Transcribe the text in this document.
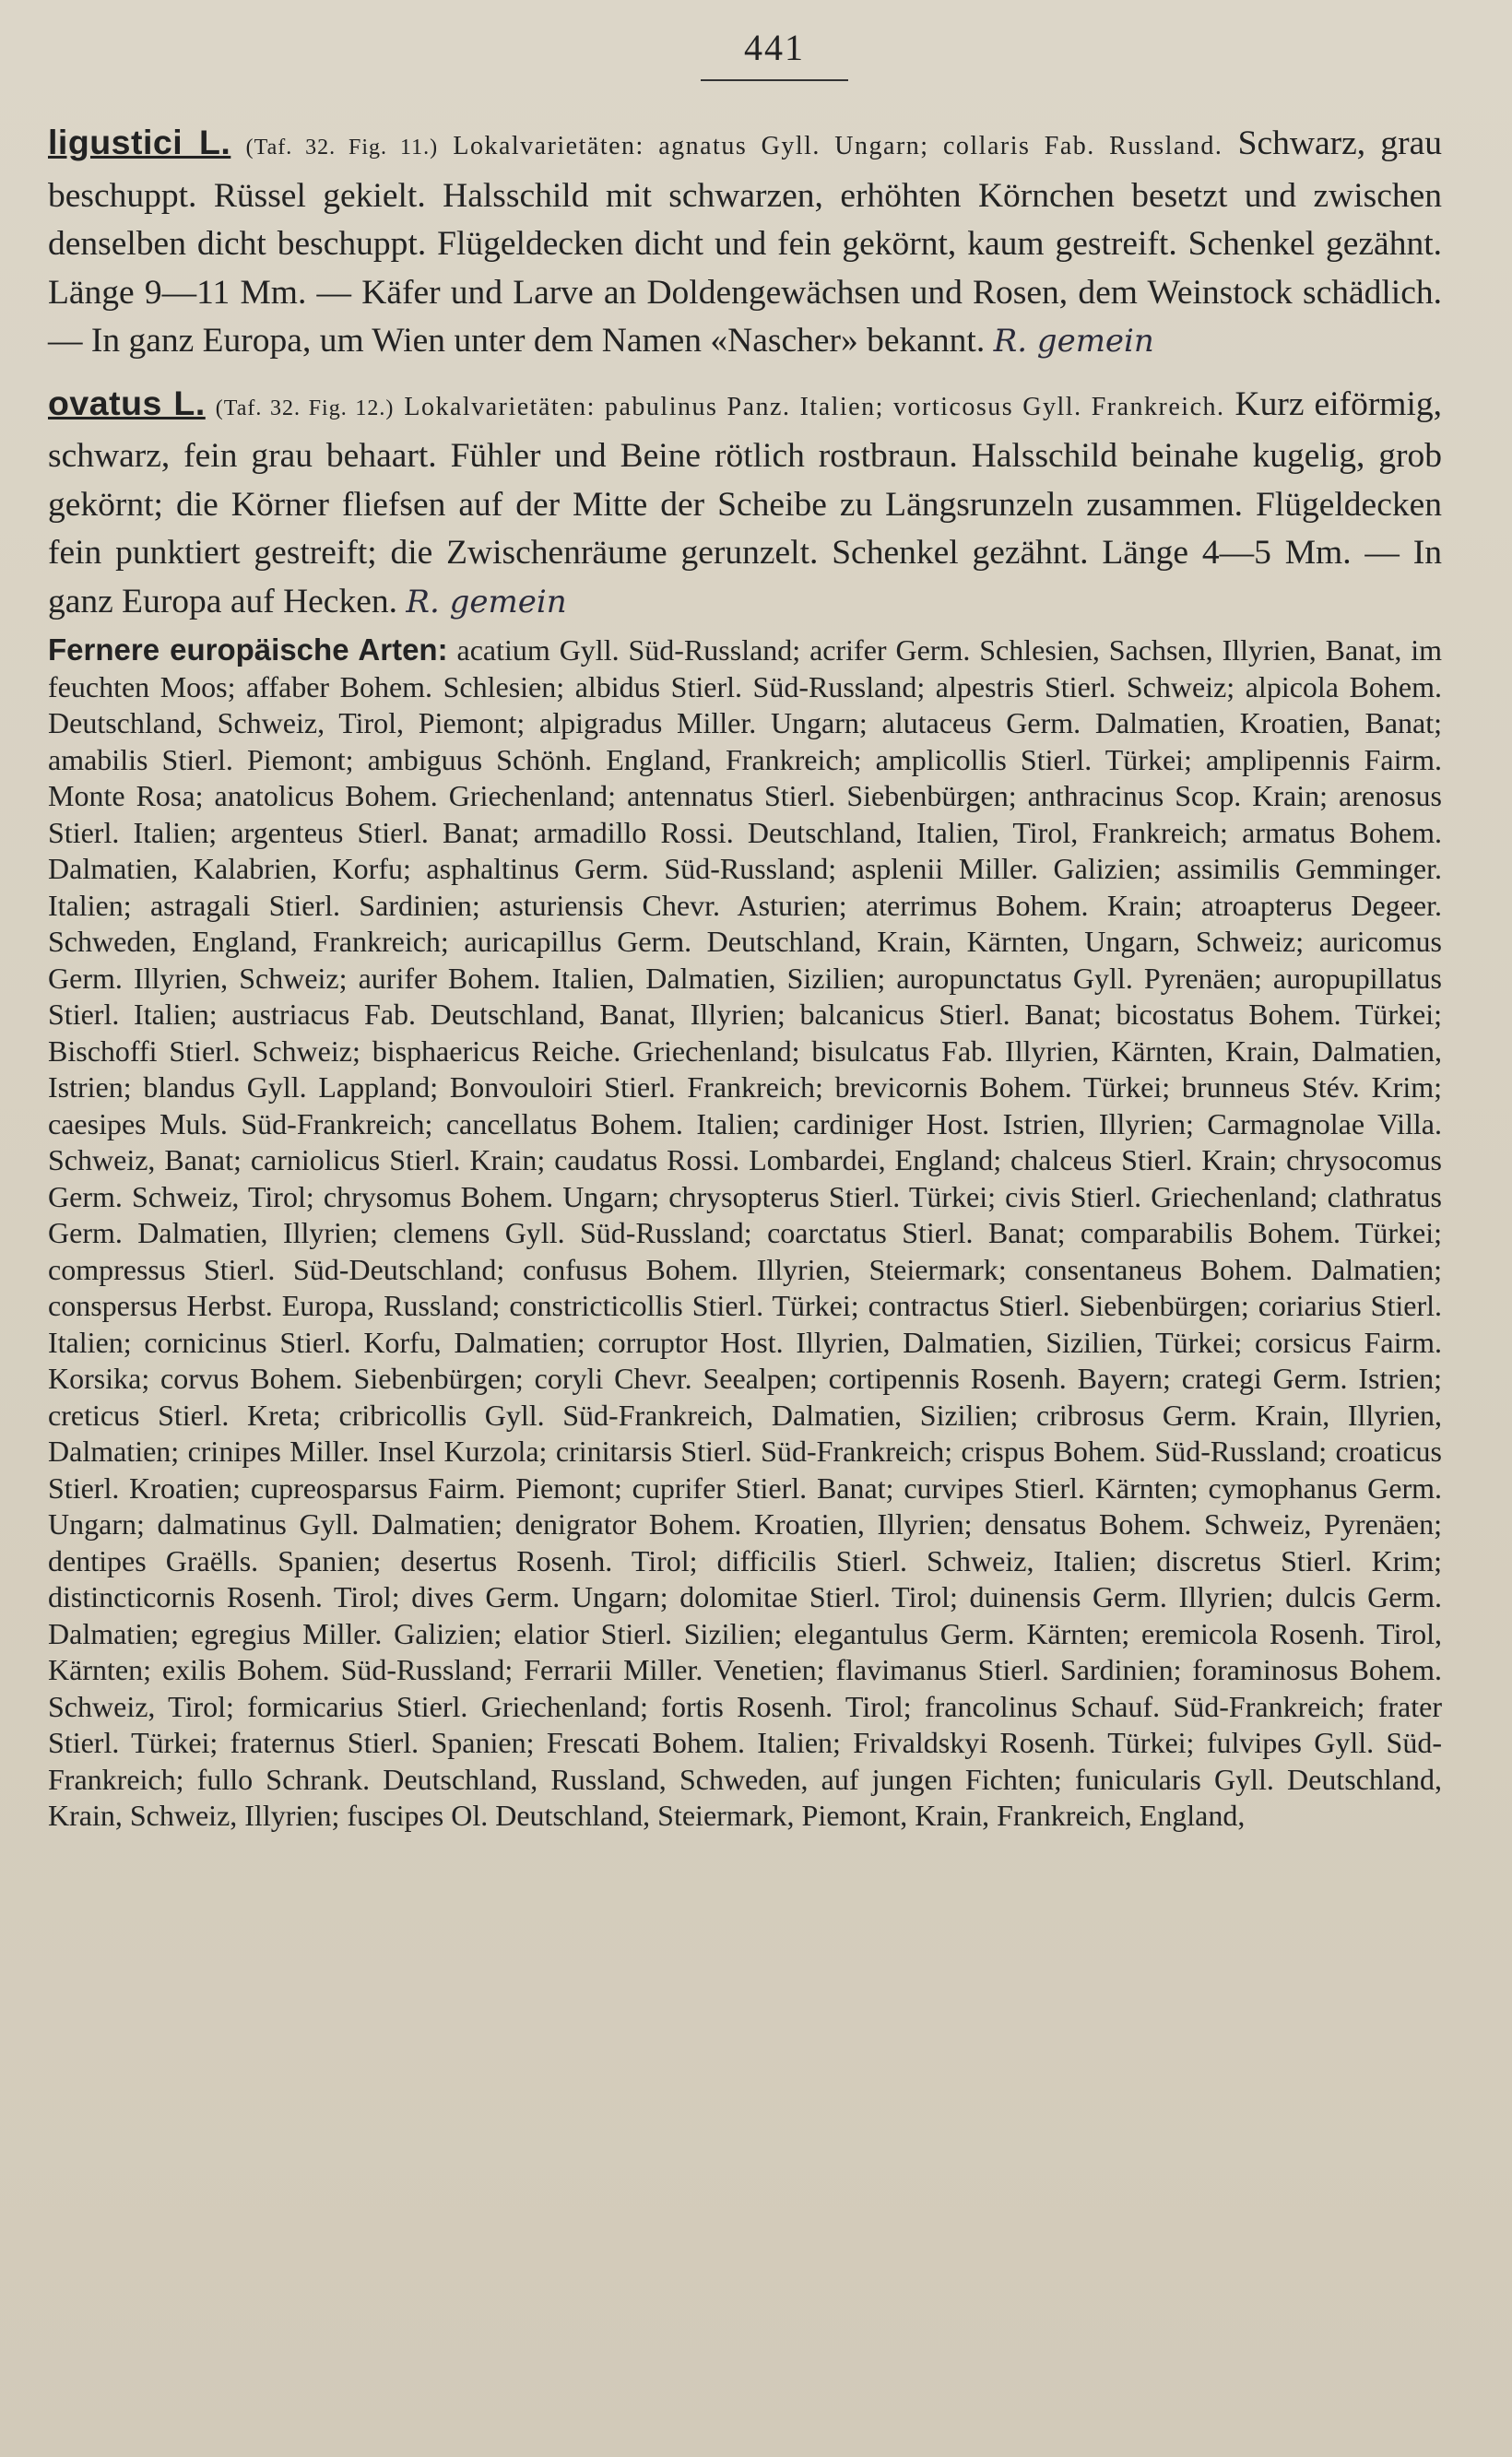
441

ligustici L. (Taf. 32. Fig. 11.) Lokalvarietäten: agnatus Gyll. Ungarn; collaris Fab. Russland. Schwarz, grau beschuppt. Rüssel gekielt. Halsschild mit schwarzen, erhöhten Körnchen besetzt und zwischen denselben dicht beschuppt. Flügeldecken dicht und fein gekörnt, kaum gestreift. Schenkel gezähnt. Länge 9—11 Mm. — Käfer und Larve an Doldengewächsen und Rosen, dem Weinstock schädlich. — In ganz Europa, um Wien unter dem Namen «Nascher» bekannt. R. gemein

ovatus L. (Taf. 32. Fig. 12.) Lokalvarietäten: pabulinus Panz. Italien; vorticosus Gyll. Frankreich. Kurz eiförmig, schwarz, fein grau behaart. Fühler und Beine rötlich rostbraun. Halsschild beinahe kugelig, grob gekörnt; die Körner fliefsen auf der Mitte der Scheibe zu Längsrunzeln zusammen. Flügeldecken fein punktiert gestreift; die Zwischenräume gerunzelt. Schenkel gezähnt. Länge 4—5 Mm. — In ganz Europa auf Hecken. R. gemein

Fernere europäische Arten: acatium Gyll. Süd-Russland; acrifer Germ. Schlesien, Sachsen, Illyrien, Banat, im feuchten Moos; affaber Bohem. Schlesien; albidus Stierl. Süd-Russland; alpestris Stierl. Schweiz; alpicola Bohem. Deutschland, Schweiz, Tirol, Piemont; alpigradus Miller. Ungarn; alutaceus Germ. Dalmatien, Kroatien, Banat; amabilis Stierl. Piemont; ambiguus Schönh. England, Frankreich; amplicollis Stierl. Türkei; amplipennis Fairm. Monte Rosa; anatolicus Bohem. Griechenland; antennatus Stierl. Siebenbürgen; anthracinus Scop. Krain; arenosus Stierl. Italien; argenteus Stierl. Banat; armadillo Rossi. Deutschland, Italien, Tirol, Frankreich; armatus Bohem. Dalmatien, Kalabrien, Korfu; asphaltinus Germ. Süd-Russland; asplenii Miller. Galizien; assimilis Gemminger. Italien; astragali Stierl. Sardinien; asturiensis Chevr. Asturien; aterrimus Bohem. Krain; atroapterus Degeer. Schweden, England, Frankreich; auricapillus Germ. Deutschland, Krain, Kärnten, Ungarn, Schweiz; auricomus Germ. Illyrien, Schweiz; aurifer Bohem. Italien, Dalmatien, Sizilien; auropunctatus Gyll. Pyrenäen; auropupillatus Stierl. Italien; austriacus Fab. Deutschland, Banat, Illyrien; balcanicus Stierl. Banat; bicostatus Bohem. Türkei; Bischoffi Stierl. Schweiz; bisphaericus Reiche. Griechenland; bisulcatus Fab. Illyrien, Kärnten, Krain, Dalmatien, Istrien; blandus Gyll. Lappland; Bonvouloiri Stierl. Frankreich; brevicornis Bohem. Türkei; brunneus Stév. Krim; caesipes Muls. Süd-Frankreich; cancellatus Bohem. Italien; cardiniger Host. Istrien, Illyrien; Carmagnolae Villa. Schweiz, Banat; carniolicus Stierl. Krain; caudatus Rossi. Lombardei, England; chalceus Stierl. Krain; chrysocomus Germ. Schweiz, Tirol; chrysomus Bohem. Ungarn; chrysopterus Stierl. Türkei; civis Stierl. Griechenland; clathratus Germ. Dalmatien, Illyrien; clemens Gyll. Süd-Russland; coarctatus Stierl. Banat; comparabilis Bohem. Türkei; compressus Stierl. Süd-Deutschland; confusus Bohem. Illyrien, Steiermark; consentaneus Bohem. Dalmatien; conspersus Herbst. Europa, Russland; constricticollis Stierl. Türkei; contractus Stierl. Siebenbürgen; coriarius Stierl. Italien; cornicinus Stierl. Korfu, Dalmatien; corruptor Host. Illyrien, Dalmatien, Sizilien, Türkei; corsicus Fairm. Korsika; corvus Bohem. Siebenbürgen; coryli Chevr. Seealpen; cortipennis Rosenh. Bayern; crategi Germ. Istrien; creticus Stierl. Kreta; cribricollis Gyll. Süd-Frankreich, Dalmatien, Sizilien; cribrosus Germ. Krain, Illyrien, Dalmatien; crinipes Miller. Insel Kurzola; crinitarsis Stierl. Süd-Frankreich; crispus Bohem. Süd-Russland; croaticus Stierl. Kroatien; cupreosparsus Fairm. Piemont; cuprifer Stierl. Banat; curvipes Stierl. Kärnten; cymophanus Germ. Ungarn; dalmatinus Gyll. Dalmatien; denigrator Bohem. Kroatien, Illyrien; densatus Bohem. Schweiz, Pyrenäen; dentipes Graëlls. Spanien; desertus Rosenh. Tirol; difficilis Stierl. Schweiz, Italien; discretus Stierl. Krim; distincticornis Rosenh. Tirol; dives Germ. Ungarn; dolomitae Stierl. Tirol; duinensis Germ. Illyrien; dulcis Germ. Dalmatien; egregius Miller. Galizien; elatior Stierl. Sizilien; elegantulus Germ. Kärnten; eremicola Rosenh. Tirol, Kärnten; exilis Bohem. Süd-Russland; Ferrarii Miller. Venetien; flavimanus Stierl. Sardinien; foraminosus Bohem. Schweiz, Tirol; formicarius Stierl. Griechenland; fortis Rosenh. Tirol; francolinus Schauf. Süd-Frankreich; frater Stierl. Türkei; fraternus Stierl. Spanien; Frescati Bohem. Italien; Frivaldskyi Rosenh. Türkei; fulvipes Gyll. Süd-Frankreich; fullo Schrank. Deutschland, Russland, Schweden, auf jungen Fichten; funicularis Gyll. Deutschland, Krain, Schweiz, Illyrien; fuscipes Ol. Deutschland, Steiermark, Piemont, Krain, Frankreich, England,
